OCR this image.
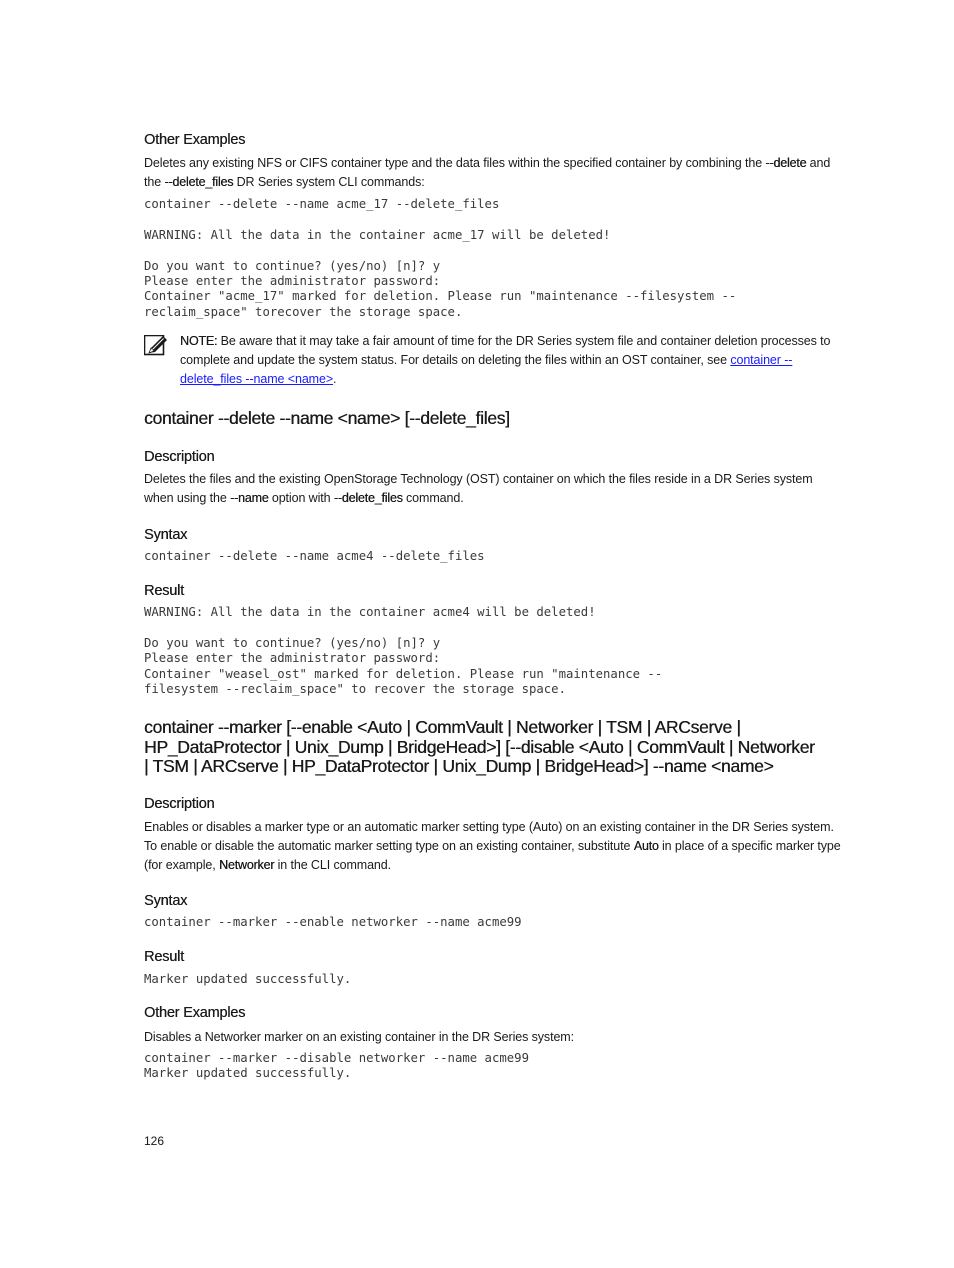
Other Examples

Deletes any existing NFS or CIFS container type and the data files within the specified container by combining the --delete and the --delete_files DR Series system CLI commands:

container --delete --name acme_17 --delete_files

WARNING: All the data in the container acme_17 will be deleted!

Do you want to continue? (yes/no) [n]? y
Please enter the administrator password:
Container "acme_17" marked for deletion. Please run "maintenance --filesystem --
reclaim_space" torecover the storage space.

NOTE: Be aware that it may take a fair amount of time for the DR Series system file and container deletion processes to complete and update the system status. For details on deleting the files within an OST container, see container --delete_files --name <name>.

container --delete --name <name> [--delete_files]
Description

Deletes the files and the existing OpenStorage Technology (OST) container on which the files reside in a DR Series system when using the --name option with --delete_files command.

Syntax
container --delete --name acme4 --delete_files
Result
WARNING: All the data in the container acme4 will be deleted!

Do you want to continue? (yes/no) [n]? y
Please enter the administrator password:
Container "weasel_ost" marked for deletion. Please run "maintenance --
filesystem --reclaim_space" to recover the storage space.
container --marker [--enable <Auto | CommVault | Networker | TSM | ARCserve |
HP_DataProtector | Unix_Dump | BridgeHead>] [--disable <Auto | CommVault | Networker
| TSM | ARCserve | HP_DataProtector | Unix_Dump | BridgeHead>] --name <name>
Description

Enables or disables a marker type or an automatic marker setting type (Auto) on an existing container in the DR Series system. To enable or disable the automatic marker setting type on an existing container, substitute Auto in place of a specific marker type (for example, Networker in the CLI command.

Syntax
container --marker --enable networker --name acme99
Result
Marker updated successfully.
Other Examples

Disables a Networker marker on an existing container in the DR Series system:

container --marker --disable networker --name acme99
Marker updated successfully.
126
